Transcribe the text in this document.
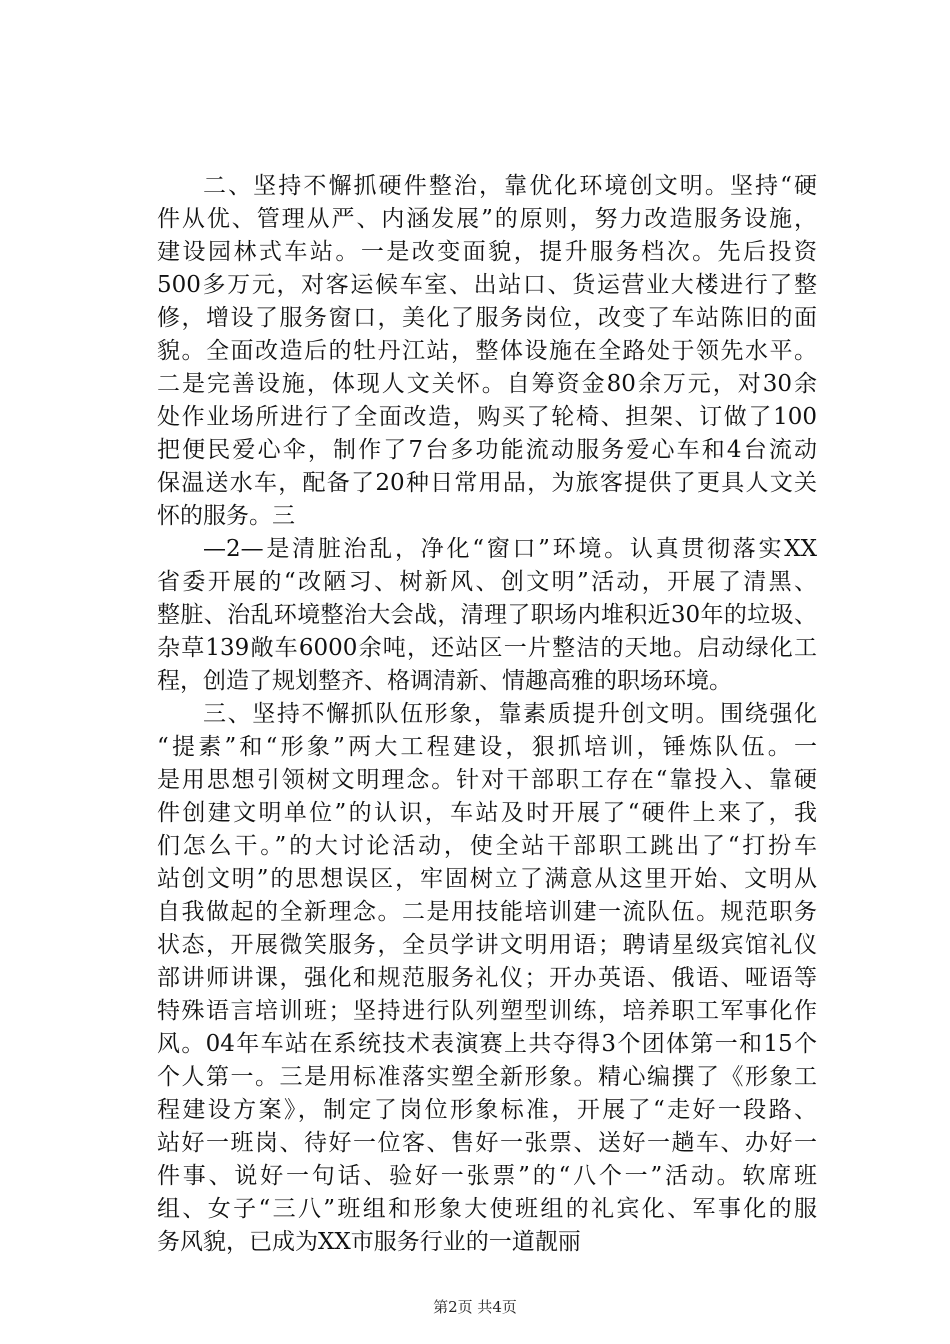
二、坚持不懈抓硬件整治，靠优化环境创文明。坚持“硬
件从优、管理从严、内涵发展”的原则，努力改造服务设施，
建设园林式车站。一是改变面貌，提升服务档次。先后投资
500多万元，对客运候车室、出站口、货运营业大楼进行了整
修，增设了服务窗口，美化了服务岗位，改变了车站陈旧的面
貌。全面改造后的牡丹江站，整体设施在全路处于领先水平。
二是完善设施，体现人文关怀。自筹资金80余万元，对30余
处作业场所进行了全面改造，购买了轮椅、担架、订做了100
把便民爱心伞，制作了7台多功能流动服务爱心车和4台流动
保温送水车，配备了20种日常用品，为旅客提供了更具人文关
怀的服务。三
—2—是清脏治乱，净化“窗口”环境。认真贯彻落实XX
省委开展的“改陋习、树新风、创文明”活动，开展了清黑、
整脏、治乱环境整治大会战，清理了职场内堆积近30年的垃圾、
杂草139敞车6000余吨，还站区一片整洁的天地。启动绿化工
程，创造了规划整齐、格调清新、情趣高雅的职场环境。
三、坚持不懈抓队伍形象，靠素质提升创文明。围绕强化
“提素”和“形象”两大工程建设，狠抓培训，锤炼队伍。一
是用思想引领树文明理念。针对干部职工存在“靠投入、靠硬
件创建文明单位”的认识，车站及时开展了“硬件上来了，我
们怎么干。”的大讨论活动，使全站干部职工跳出了“打扮车
站创文明”的思想误区，牢固树立了满意从这里开始、文明从
自我做起的全新理念。二是用技能培训建一流队伍。规范职务
状态，开展微笑服务，全员学讲文明用语；聘请星级宾馆礼仪
部讲师讲课，强化和规范服务礼仪；开办英语、俄语、哑语等
特殊语言培训班；坚持进行队列塑型训练，培养职工军事化作
风。04年车站在系统技术表演赛上共夺得3个团体第一和15个
个人第一。三是用标准落实塑全新形象。精心编撰了《形象工
程建设方案》，制定了岗位形象标准，开展了“走好一段路、
站好一班岗、待好一位客、售好一张票、送好一趟车、办好一
件事、说好一句话、验好一张票”的“八个一”活动。软席班
组、女子“三八”班组和形象大使班组的礼宾化、军事化的服
务风貌，已成为XX市服务行业的一道靓丽
第2页 共4页
